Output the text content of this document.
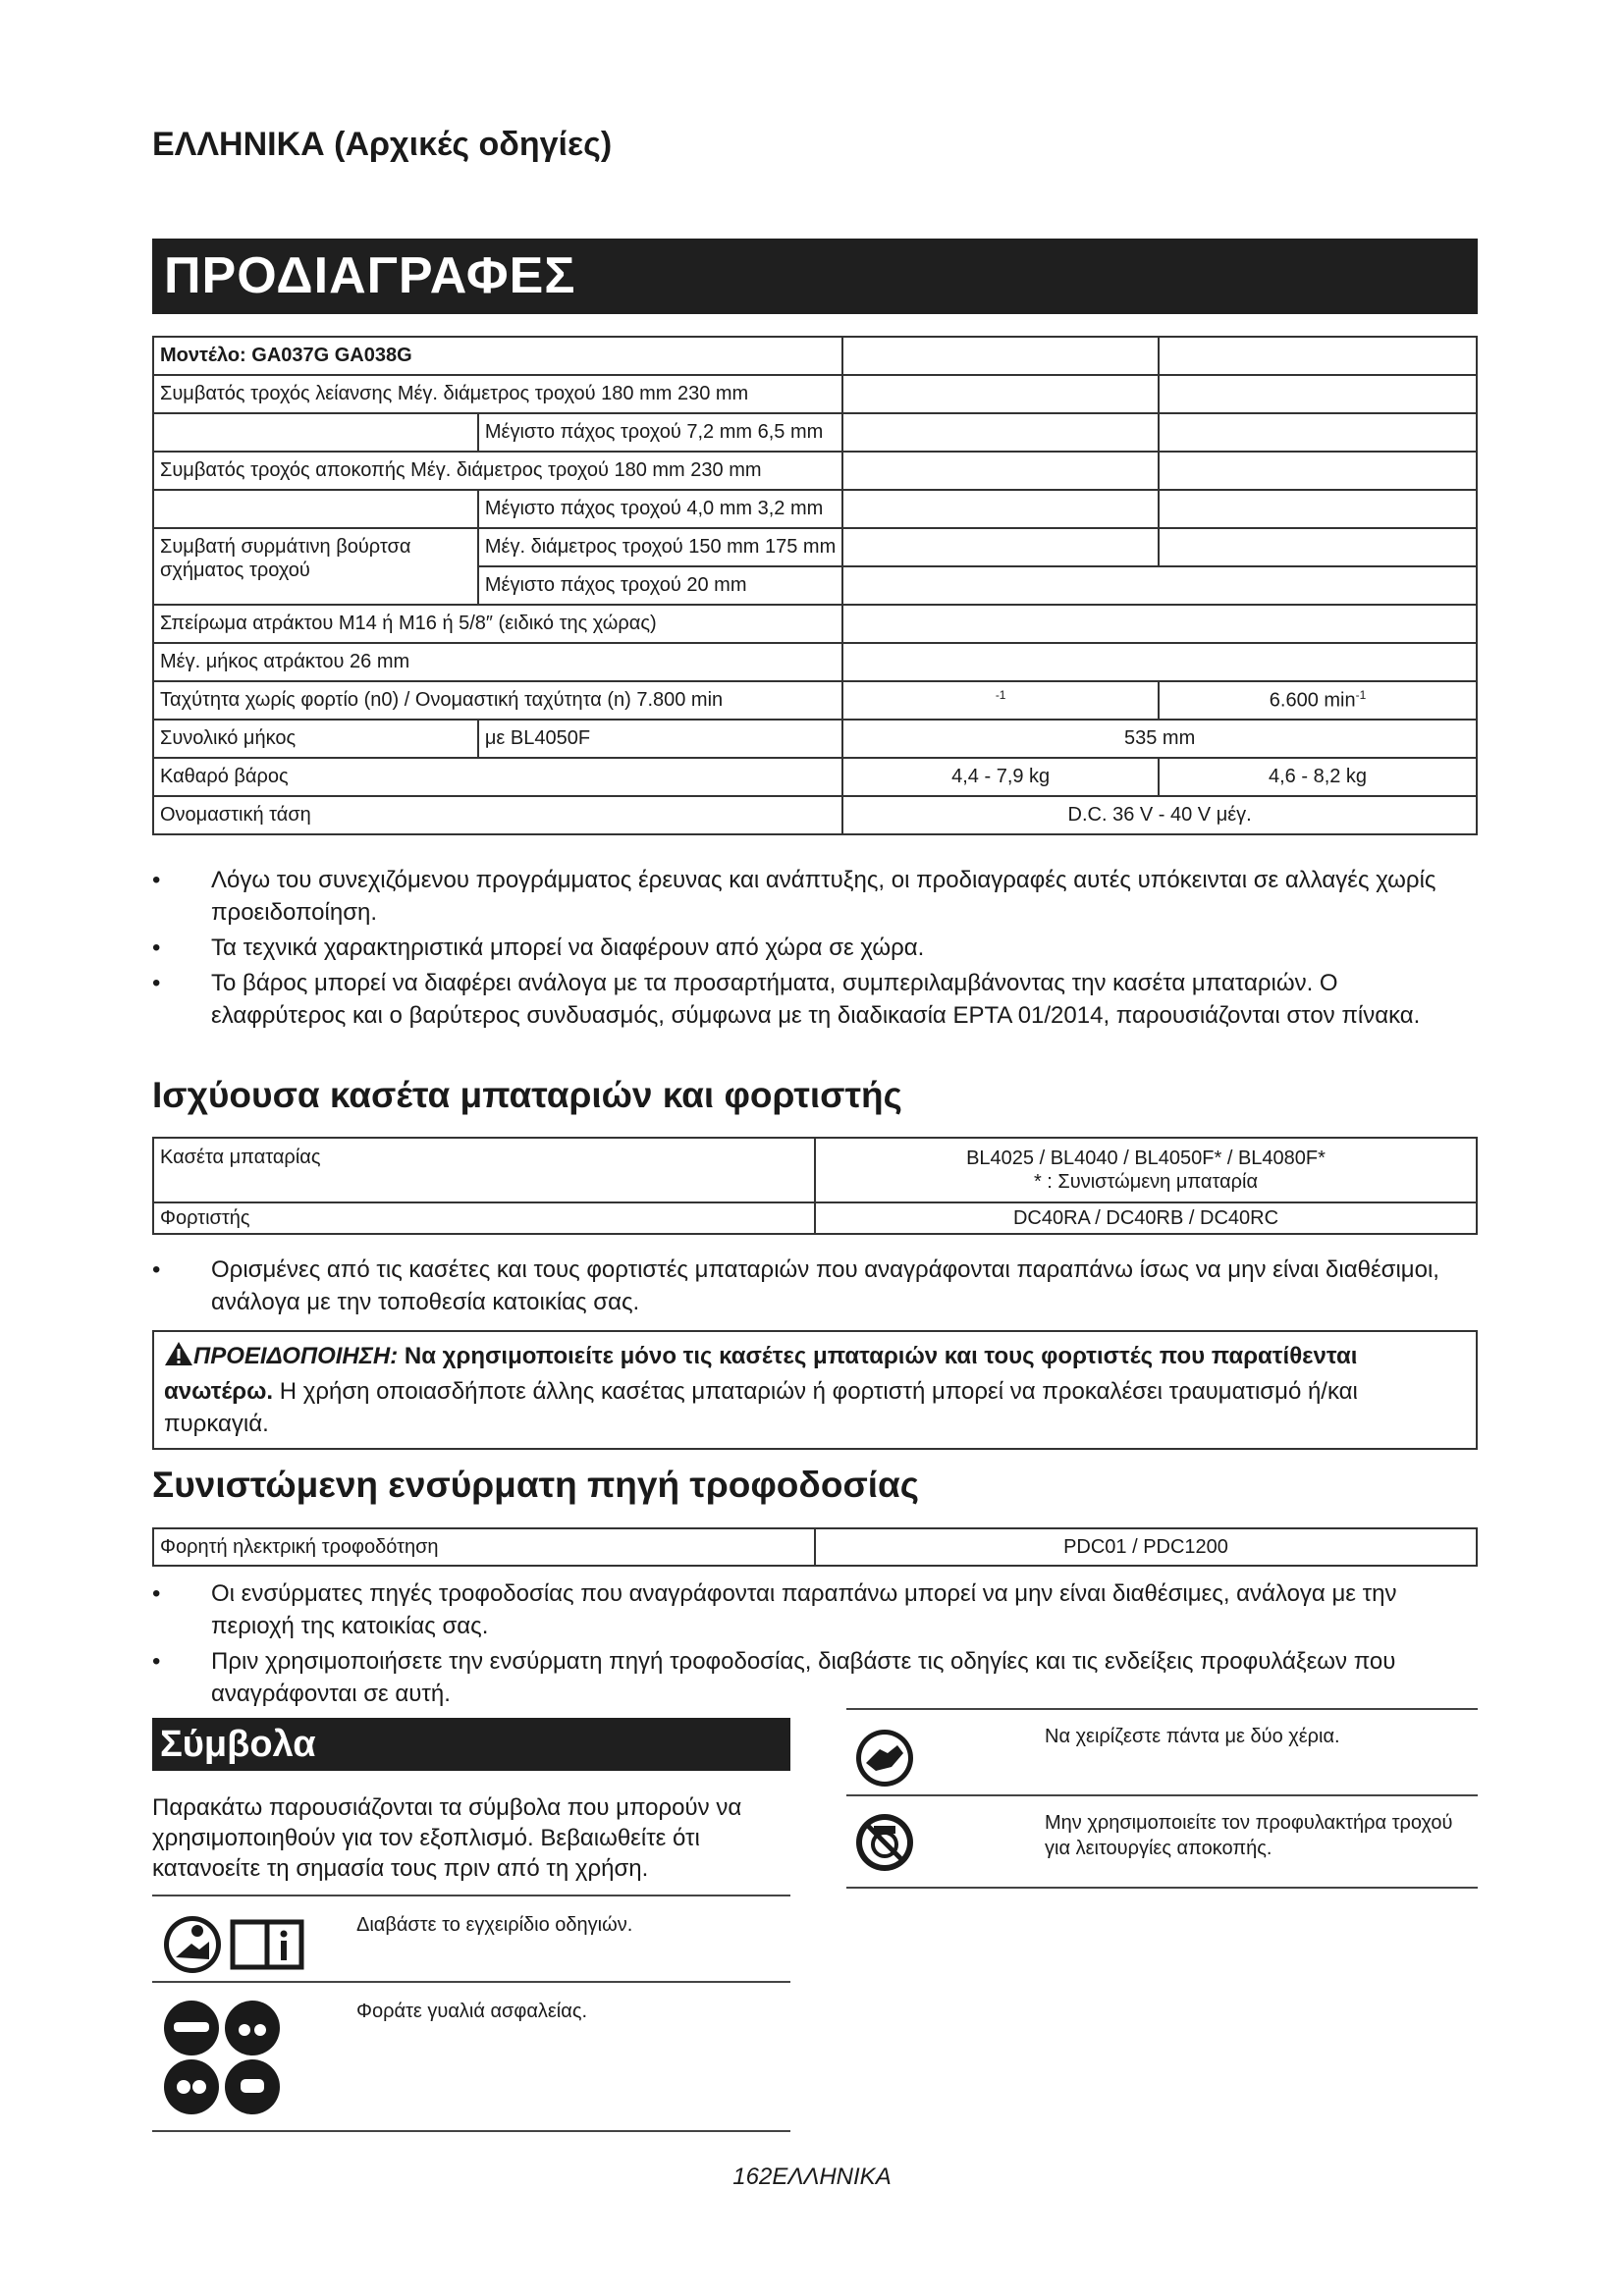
ΕΛΛΗΝΙΚΑ (Αρχικές οδηγίες)
ΠΡΟΔΙΑΓΡΑΦΕΣ
Μοντέλο: GA037G GA038G			
Συμβατός τροχός λείανσης Μέγ. διάμετρος τροχού 180 mm 230 mm			
	Μέγιστο πάχος τροχού 7,2 mm 6,5 mm		
Συμβατός τροχός αποκοπής Μέγ. διάμετρος τροχού 180 mm 230 mm			
	Μέγιστο πάχος τροχού 4,0 mm 3,2 mm		
Συμβατή συρμάτινη βούρτσα σχήματος τροχού	Μέγ. διάμετρος τροχού 150 mm 175 mm		
	Μέγιστο πάχος τροχού 20 mm		
Σπείρωμα ατράκτου M14 ή M16 ή 5/8″ (ειδικό της χώρας)			
Μέγ. μήκος ατράκτου 26 mm			
Ταχύτητα χωρίς φορτίο (n0) / Ονομαστική ταχύτητα (n) 7.800 min		$^{-1}$	6.600 $\min^{-1}$
Συνολικό μήκος	με BL4050F	535 mm	
Καθαρό βάρος		4,4 - 7,9 kg	4,6 - 8,2 kg
Ονομαστική τάση		D.C. 36 V - 40 V μέγ.	
• Λόγω του συνεχιζόμενου προγράμματος έρευνας και ανάπτυξης, οι προδιαγραφές αυτές υπόκεινται σε αλλαγές χωρίς προειδοποίηση.
• Τα τεχνικά χαρακτηριστικά μπορεί να διαφέρουν από χώρα σε χώρα.
• Το βάρος μπορεί να διαφέρει ανάλογα με τα προσαρτήματα, συμπεριλαμβάνοντας την κασέτα μπαταριών. Ο ελαφρύτερος και ο βαρύτερος συνδυασμός, σύμφωνα με τη διαδικασία EPTA 01/2014, παρουσιάζονται στον πίνακα.
Ισχύουσα κασέτα μπαταριών και φορτιστής
Κασέτα μπαταρίας	BL4025 / BL4040 / BL4050F* / BL4080F*
* : Συνιστώμενη μπαταρία

Φορτιστής	DC40RA / DC40RB / DC40RC
• Ορισμένες από τις κασέτες και τους φορτιστές μπαταριών που αναγράφονται παραπάνω ίσως να μην είναι διαθέσιμοι, ανάλογα με την τοποθεσία κατοικίας σας.
ΠΡΟΕΙΔΟΠΟΙΗΣΗ: Να χρησιμοποιείτε μόνο τις κασέτες μπαταριών και τους φορτιστές που παρατίθενται ανωτέρω. Η χρήση οποιασδήποτε άλλης κασέτας μπαταριών ή φορτιστή μπορεί να προκαλέσει τραυματισμό ή/και πυρκαγιά.
Συνιστώμενη ενσύρματη πηγή τροφοδοσίας
Φορητή ηλεκτρική τροφοδότηση	PDC01 / PDC1200
• Οι ενσύρματες πηγές τροφοδοσίας που αναγράφονται παραπάνω μπορεί να μην είναι διαθέσιμες, ανάλογα με την περιοχή της κατοικίας σας.
• Πριν χρησιμοποιήσετε την ενσύρματη πηγή τροφοδοσίας, διαβάστε τις οδηγίες και τις ενδείξεις προφυλάξεων που αναγράφονται σε αυτή.
Σύμβολα
Παρακάτω παρουσιάζονται τα σύμβολα που μπορούν να χρησιμοποιηθούν για τον εξοπλισμό. Βεβαιωθείτε ότι κατανοείτε τη σημασία τους πριν από τη χρήση.
Διαβάστε το εγχειρίδιο οδηγιών.
Φοράτε γυαλιά ασφαλείας.
Να χειρίζεστε πάντα με δύο χέρια.
Μην χρησιμοποιείτε τον προφυλακτήρα τροχού για λειτουργίες αποκοπής.
162ΕΛΛΗΝΙΚΑ
